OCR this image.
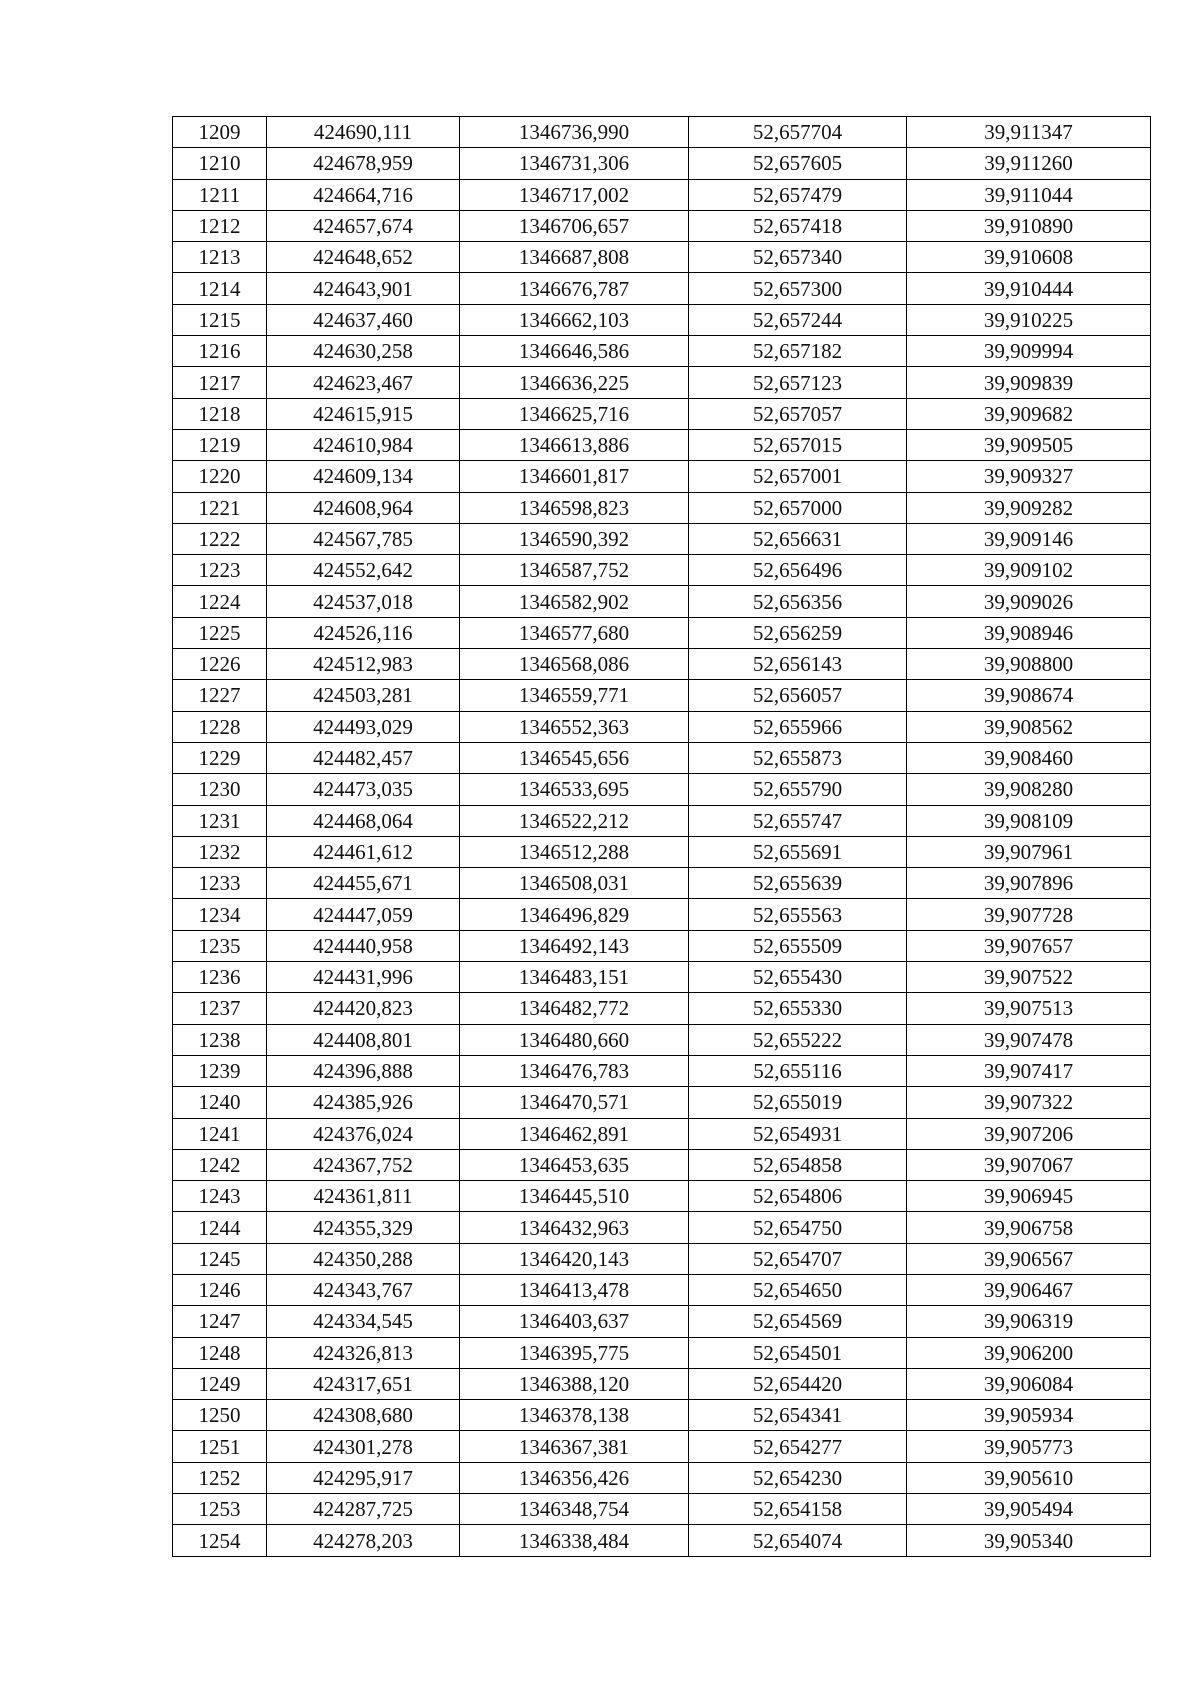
1209	424690,111	1346736,990	52,657704	39,911347
1210	424678,959	1346731,306	52,657605	39,911260
1211	424664,716	1346717,002	52,657479	39,911044
1212	424657,674	1346706,657	52,657418	39,910890
1213	424648,652	1346687,808	52,657340	39,910608
1214	424643,901	1346676,787	52,657300	39,910444
1215	424637,460	1346662,103	52,657244	39,910225
1216	424630,258	1346646,586	52,657182	39,909994
1217	424623,467	1346636,225	52,657123	39,909839
1218	424615,915	1346625,716	52,657057	39,909682
1219	424610,984	1346613,886	52,657015	39,909505
1220	424609,134	1346601,817	52,657001	39,909327
1221	424608,964	1346598,823	52,657000	39,909282
1222	424567,785	1346590,392	52,656631	39,909146
1223	424552,642	1346587,752	52,656496	39,909102
1224	424537,018	1346582,902	52,656356	39,909026
1225	424526,116	1346577,680	52,656259	39,908946
1226	424512,983	1346568,086	52,656143	39,908800
1227	424503,281	1346559,771	52,656057	39,908674
1228	424493,029	1346552,363	52,655966	39,908562
1229	424482,457	1346545,656	52,655873	39,908460
1230	424473,035	1346533,695	52,655790	39,908280
1231	424468,064	1346522,212	52,655747	39,908109
1232	424461,612	1346512,288	52,655691	39,907961
1233	424455,671	1346508,031	52,655639	39,907896
1234	424447,059	1346496,829	52,655563	39,907728
1235	424440,958	1346492,143	52,655509	39,907657
1236	424431,996	1346483,151	52,655430	39,907522
1237	424420,823	1346482,772	52,655330	39,907513
1238	424408,801	1346480,660	52,655222	39,907478
1239	424396,888	1346476,783	52,655116	39,907417
1240	424385,926	1346470,571	52,655019	39,907322
1241	424376,024	1346462,891	52,654931	39,907206
1242	424367,752	1346453,635	52,654858	39,907067
1243	424361,811	1346445,510	52,654806	39,906945
1244	424355,329	1346432,963	52,654750	39,906758
1245	424350,288	1346420,143	52,654707	39,906567
1246	424343,767	1346413,478	52,654650	39,906467
1247	424334,545	1346403,637	52,654569	39,906319
1248	424326,813	1346395,775	52,654501	39,906200
1249	424317,651	1346388,120	52,654420	39,906084
1250	424308,680	1346378,138	52,654341	39,905934
1251	424301,278	1346367,381	52,654277	39,905773
1252	424295,917	1346356,426	52,654230	39,905610
1253	424287,725	1346348,754	52,654158	39,905494
1254	424278,203	1346338,484	52,654074	39,905340
